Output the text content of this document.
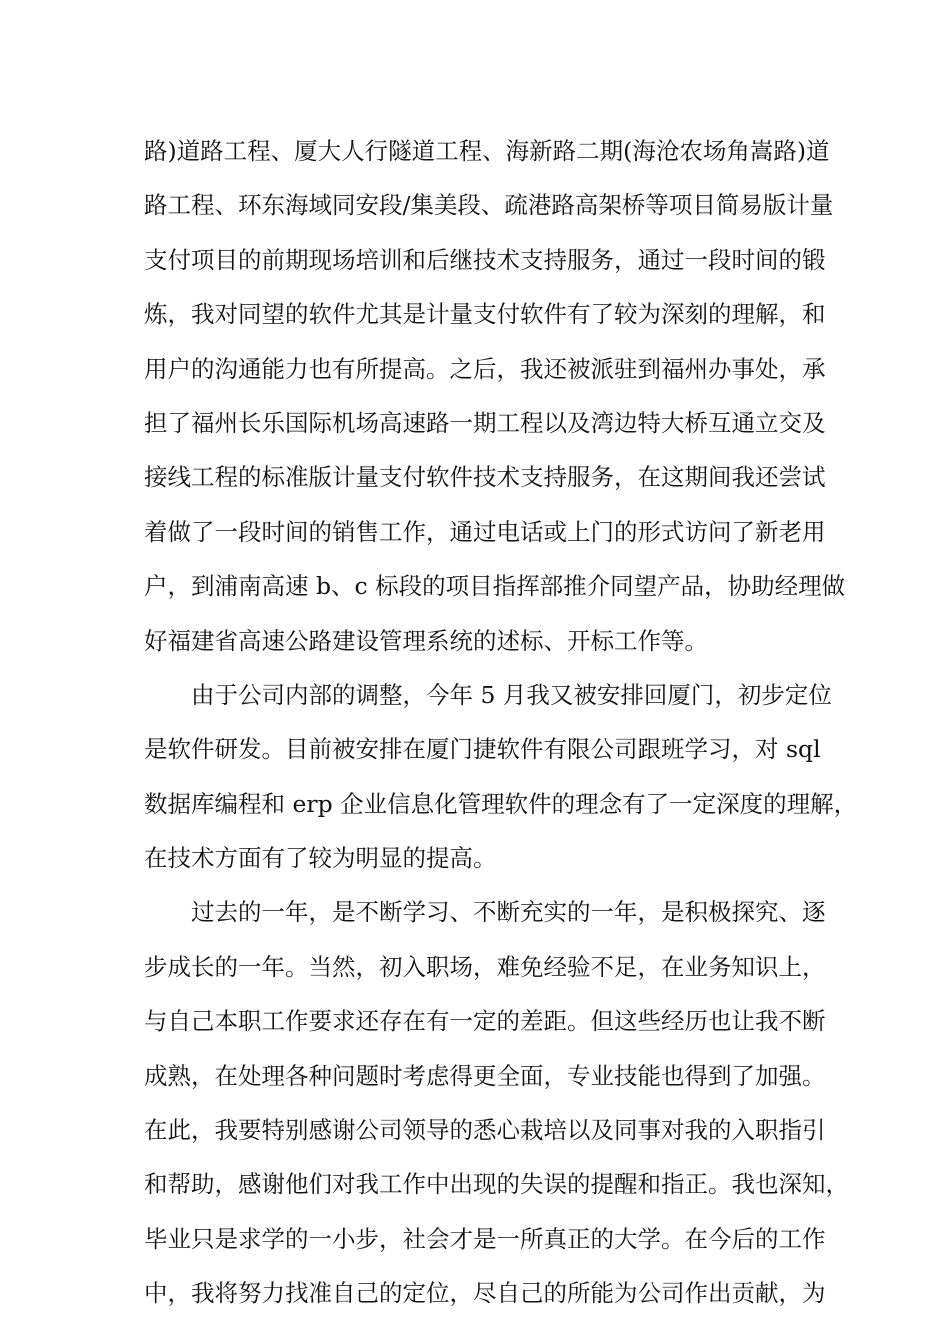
路)道路工程、厦大人行隧道工程、海新路二期(海沧农场角嵩路)道
路工程、环东海域同安段/集美段、疏港路高架桥等项目简易版计量
支付项目的前期现场培训和后继技术支持服务，通过一段时间的锻
炼，我对同望的软件尤其是计量支付软件有了较为深刻的理解，和
用户的沟通能力也有所提高。之后，我还被派驻到福州办事处，承
担了福州长乐国际机场高速路一期工程以及湾边特大桥互通立交及
接线工程的标准版计量支付软件技术支持服务，在这期间我还尝试
着做了一段时间的销售工作，通过电话或上门的形式访问了新老用
户，到浦南高速 b、c 标段的项目指挥部推介同望产品，协助经理做
好福建省高速公路建设管理系统的述标、开标工作等。
由于公司内部的调整，今年 5 月我又被安排回厦门，初步定位
是软件研发。目前被安排在厦门捷软件有限公司跟班学习，对 sql
数据库编程和 erp 企业信息化管理软件的理念有了一定深度的理解，
在技术方面有了较为明显的提高。
过去的一年，是不断学习、不断充实的一年，是积极探究、逐
步成长的一年。当然，初入职场，难免经验不足，在业务知识上，
与自己本职工作要求还存在有一定的差距。但这些经历也让我不断
成熟，在处理各种问题时考虑得更全面，专业技能也得到了加强。
在此，我要特别感谢公司领导的悉心栽培以及同事对我的入职指引
和帮助，感谢他们对我工作中出现的失误的提醒和指正。我也深知，
毕业只是求学的一小步，社会才是一所真正的大学。在今后的工作
中，我将努力找准自己的定位，尽自己的所能为公司作出贡献，为
